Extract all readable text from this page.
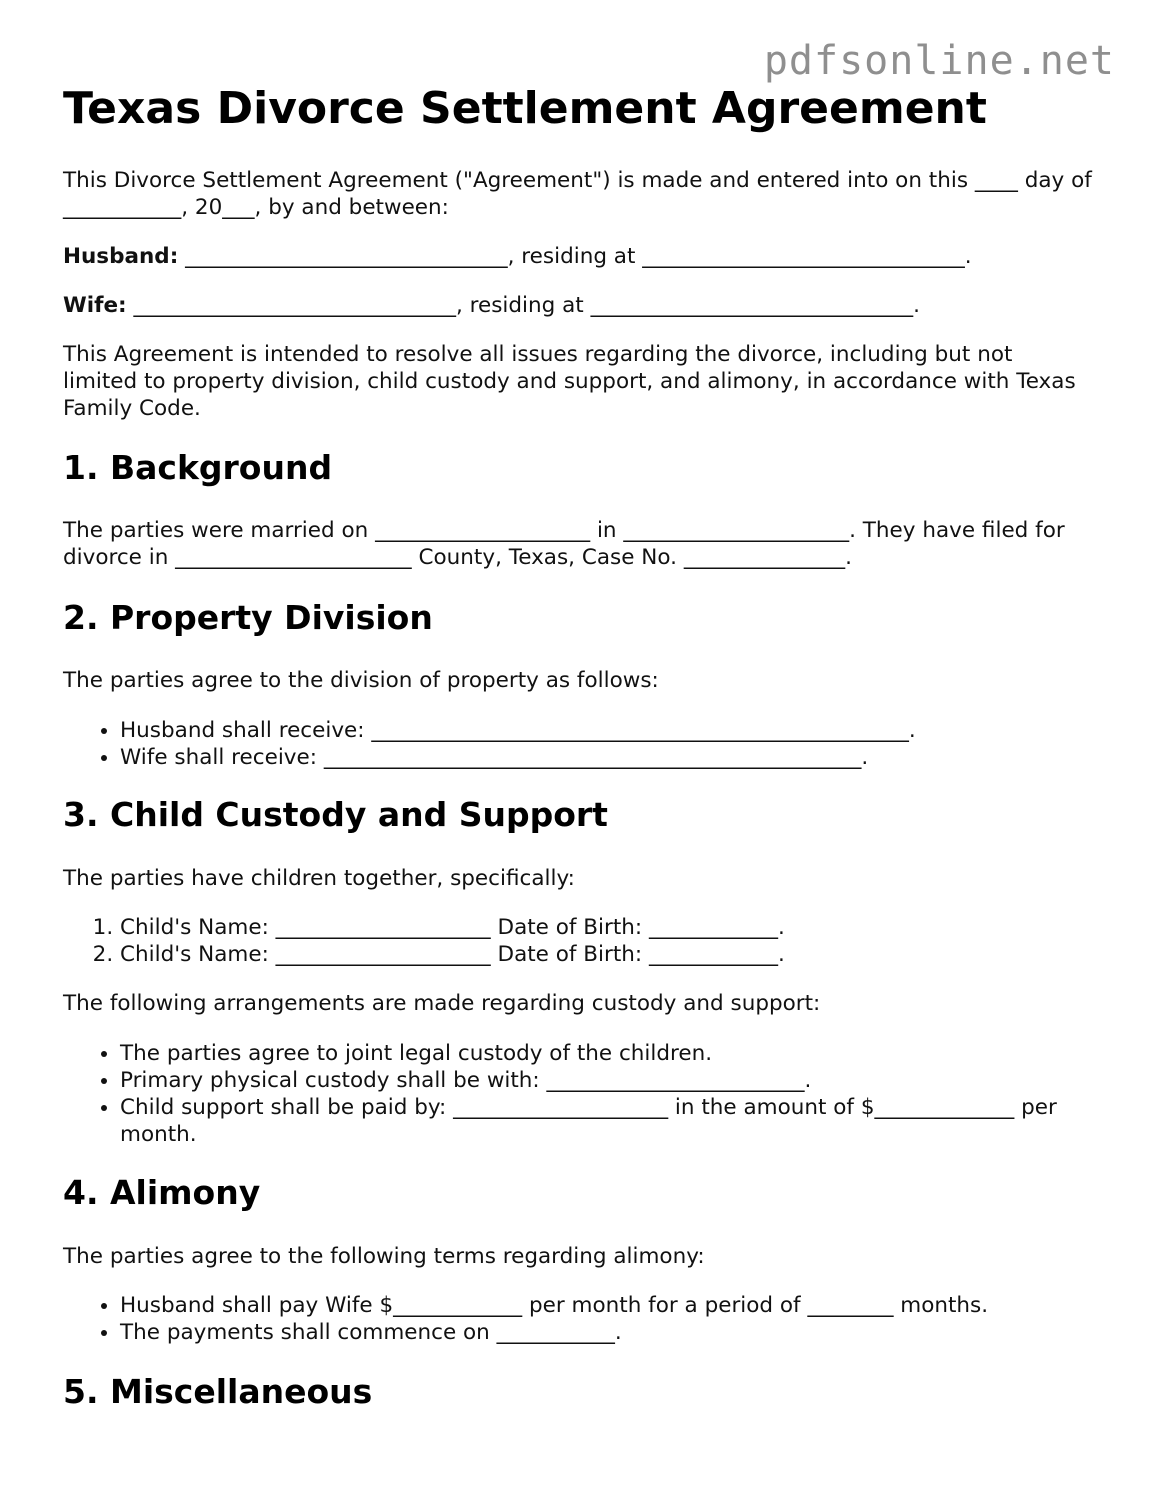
pdfsonline.net
Texas Divorce Settlement Agreement

This Divorce Settlement Agreement ("Agreement") is made and entered into on this ____ day of ___________, 20___, by and between:

Husband: ______________________________, residing at ______________________________.

Wife: ______________________________, residing at ______________________________.

This Agreement is intended to resolve all issues regarding the divorce, including but not limited to property division, child custody and support, and alimony, in accordance with Texas Family Code.

1. Background

The parties were married on ____________________ in _____________________. They have filed for divorce in ______________________ County, Texas, Case No. _______________.

2. Property Division

The parties agree to the division of property as follows:

• Husband shall receive: __________________________________________________.
• Wife shall receive: __________________________________________________.
3. Child Custody and Support

The parties have children together, specifically:

1. Child's Name: ____________________ Date of Birth: ____________.
2. Child's Name: ____________________ Date of Birth: ____________.

The following arrangements are made regarding custody and support:

• The parties agree to joint legal custody of the children.
• Primary physical custody shall be with: ________________________.
• Child support shall be paid by: ____________________ in the amount of $_____________ per month.
4. Alimony

The parties agree to the following terms regarding alimony:

• Husband shall pay Wife $____________ per month for a period of ________ months.
• The payments shall commence on ___________.
5. Miscellaneous
